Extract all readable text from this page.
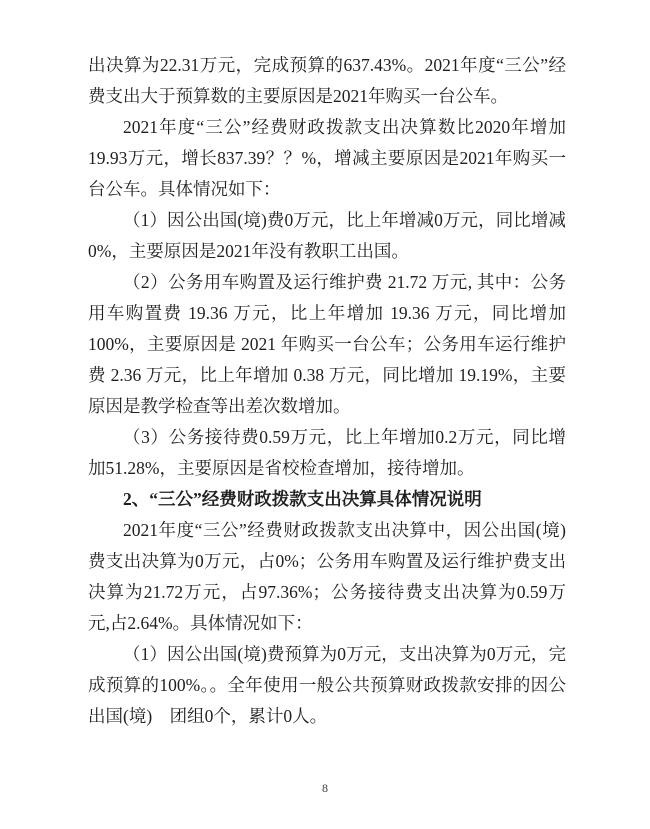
出决算为22.31万元，完成预算的637.43%。2021年度“三公”经费支出大于预算数的主要原因是2021年购买一台公车。

2021年度“三公”经费财政拨款支出决算数比2020年增加19.93万元，增长837.39？？%，增减主要原因是2021年购买一台公车。具体情况如下：

（1）因公出国(境)费0万元，比上年增减0万元，同比增减0%，主要原因是2021年没有教职工出国。

（2）公务用车购置及运行维护费 21.72 万元, 其中：公务用车购置费 19.36 万元，比上年增加 19.36 万元，同比增加 100%，主要原因是 2021 年购买一台公车；公务用车运行维护费 2.36 万元，比上年增加 0.38 万元，同比增加 19.19%，主要原因是教学检查等出差次数增加。

（3）公务接待费0.59万元，比上年增加0.2万元，同比增加51.28%，主要原因是省校检查增加，接待增加。

2、“三公”经费财政拨款支出决算具体情况说明

2021年度“三公”经费财政拨款支出决算中，因公出国(境)费支出决算为0万元，占0%；公务用车购置及运行维护费支出决算为21.72万元，占97.36%；公务接待费支出决算为0.59万元,占2.64%。具体情况如下：

（1）因公出国(境)费预算为0万元，支出决算为0万元，完成预算的100%。。全年使用一般公共预算财政拨款安排的因公出国(境)　团组0个，累计0人。

8
